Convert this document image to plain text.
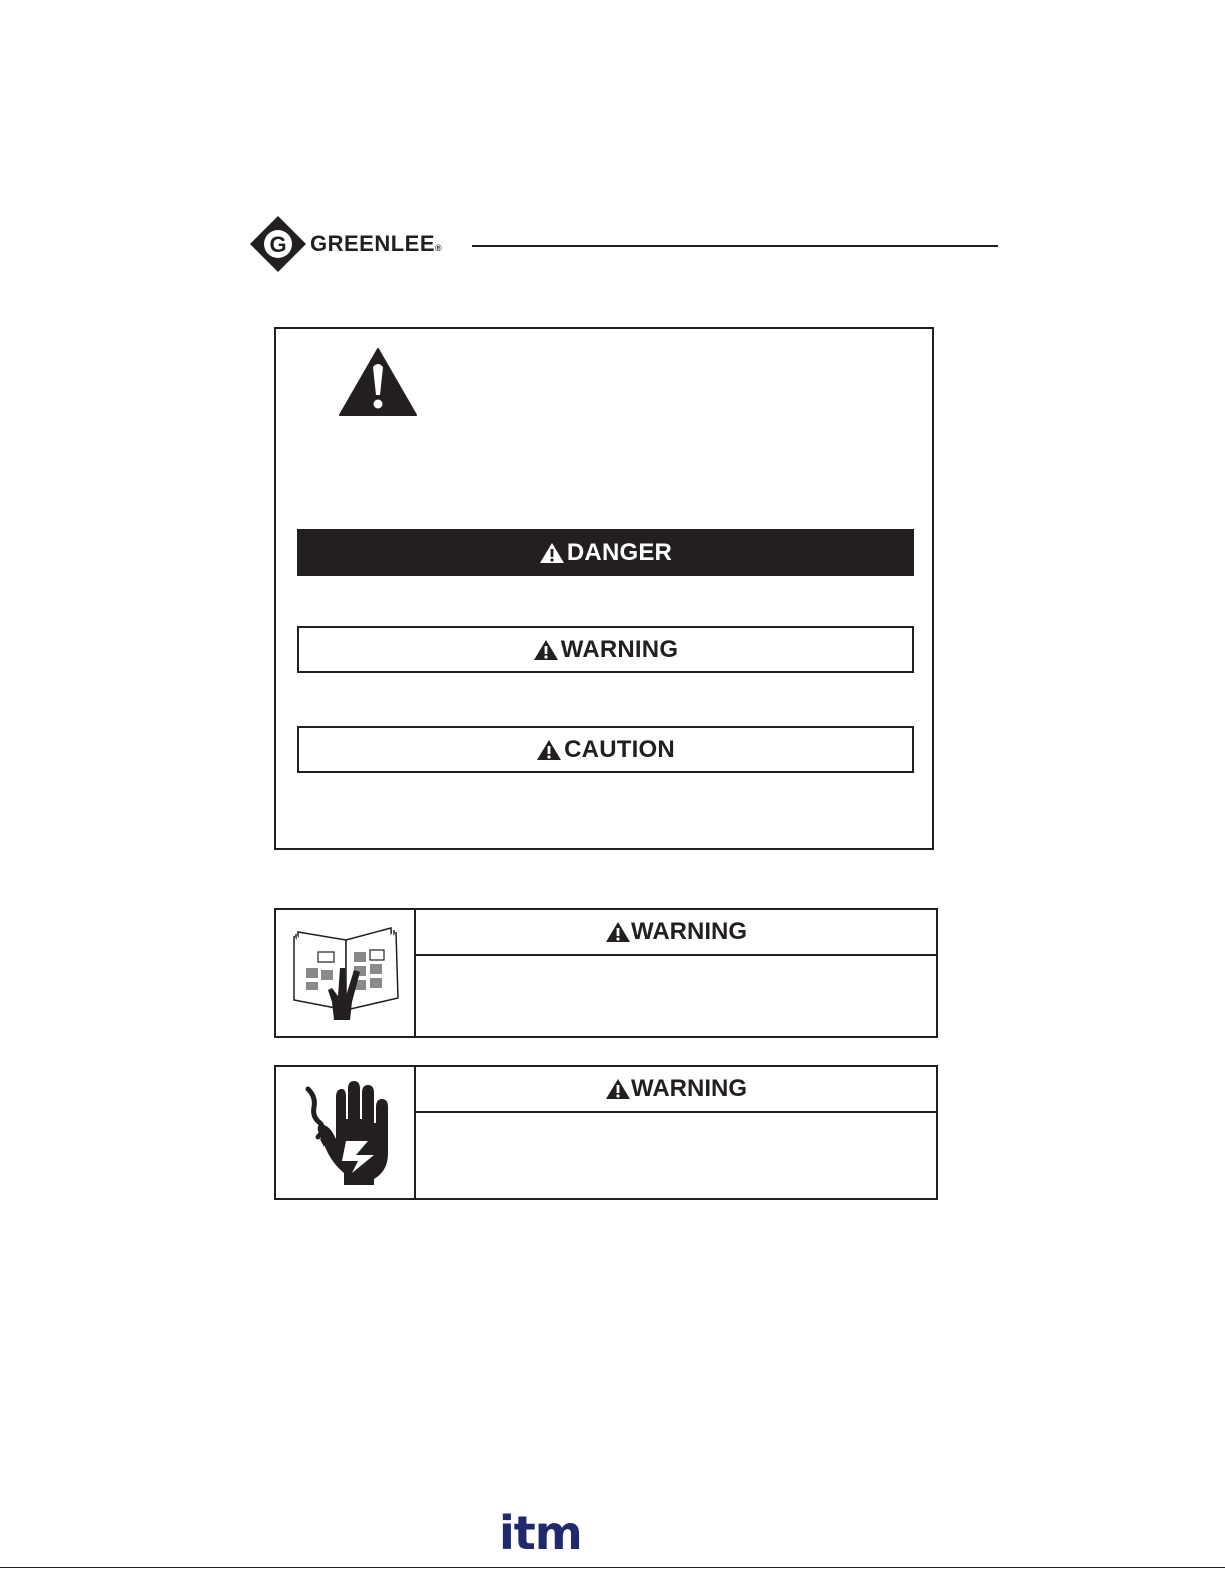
G GREENLEE®
DANGER
WARNING
CAUTION
WARNING
WARNING
itm
